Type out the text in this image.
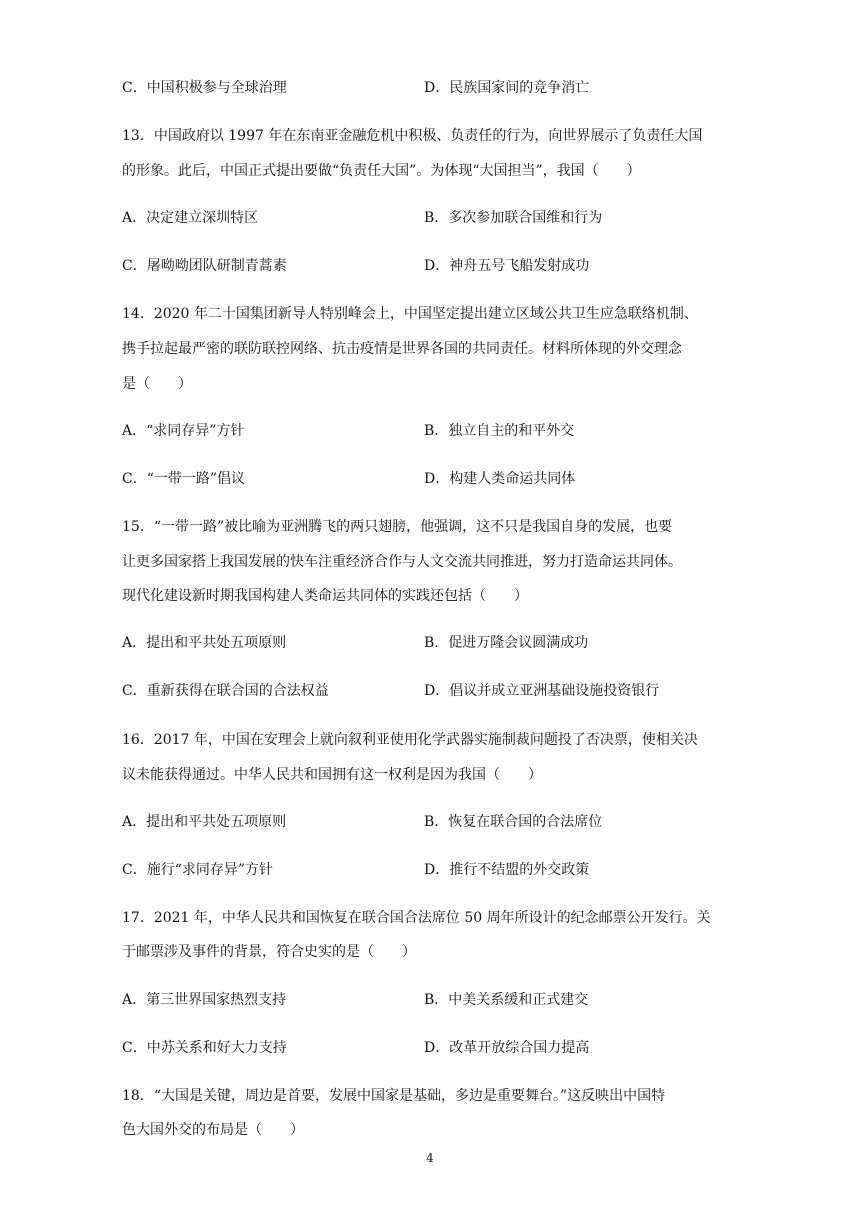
C．中国积极参与全球治理	D．民族国家间的竞争消亡
13．中国政府以 1997 年在东南亚金融危机中积极、负责任的行为，向世界展示了负责任大国
的形象。此后，中国正式提出要做“负责任大国”。为体现“大国担当”，我国（　　）
A．决定建立深圳特区	B．多次参加联合国维和行为
C．屠呦呦团队研制青蒿素	D．神舟五号飞船发射成功
14．2020 年二十国集团新导人特别峰会上，中国坚定提出建立区域公共卫生应急联络机制、
携手拉起最严密的联防联控网络、抗击疫情是世界各国的共同责任。材料所体现的外交理念
是（　　）
A．“求同存异”方针	B．独立自主的和平外交
C．“一带一路”倡议	D．构建人类命运共同体
15．“一带一路”被比喻为亚洲腾飞的两只翅膀，他强调，这不只是我国自身的发展，也要
让更多国家搭上我国发展的快车注重经济合作与人文交流共同推进，努力打造命运共同体。
现代化建设新时期我国构建人类命运共同体的实践还包括（　　）
A．提出和平共处五项原则	B．促进万隆会议圆满成功
C．重新获得在联合国的合法权益	D．倡议并成立亚洲基础设施投资银行
16．2017 年，中国在安理会上就向叙利亚使用化学武器实施制裁问题投了否决票，使相关决
议未能获得通过。中华人民共和国拥有这一权利是因为我国（　　）
A．提出和平共处五项原则	B．恢复在联合国的合法席位
C．施行“求同存异”方针	D．推行不结盟的外交政策
17．2021 年，中华人民共和国恢复在联合国合法席位 50 周年所设计的纪念邮票公开发行。关
于邮票涉及事件的背景，符合史实的是（　　）
A．第三世界国家热烈支持	B．中美关系缓和正式建交
C．中苏关系和好大力支持	D．改革开放综合国力提高
18．“大国是关键，周边是首要，发展中国家是基础，多边是重要舞台。”这反映出中国特
色大国外交的布局是（　　）
4
